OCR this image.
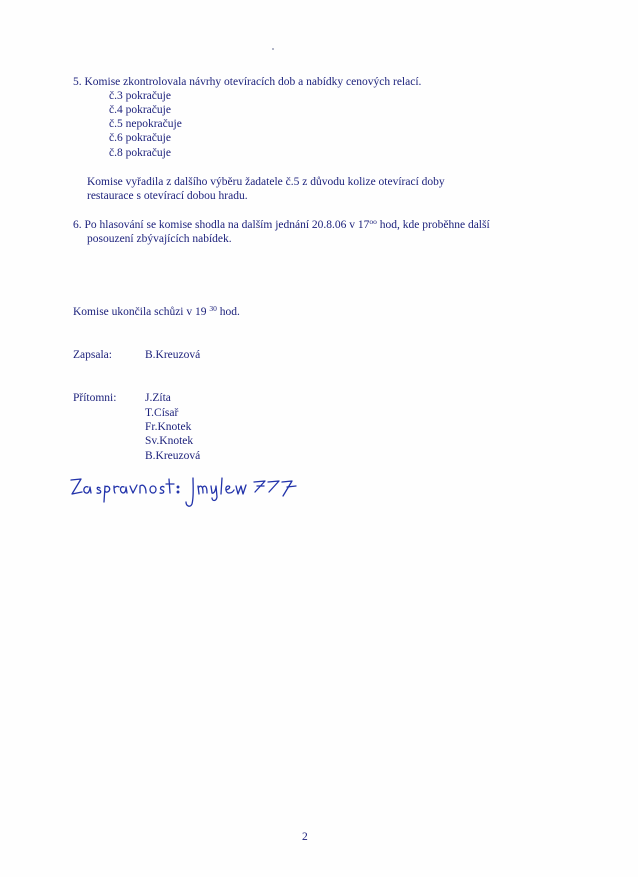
5. Komise zkontrolovala návrhy otevíracích dob a nabídky cenových relací.
č.3 pokračuje
č.4 pokračuje
č.5 nepokračuje
č.6 pokračuje
č.8 pokračuje
Komise vyřadila z dalšího výběru žadatele č.5 z důvodu kolize otevírací doby
restaurace s otevírací dobou hradu.
6. Po hlasování se komise shodla na dalším jednání 20.8.06 v $17^{oo}$ hod, kde proběhne další
posouzení zbývajících nabídek.
Komise ukončila schůzi v 19 $^{30}$ hod.
Zapsala:	B.Kreuzová
Přítomni: J.Zíta
T.Císař
Fr.Knotek
Sv.Knotek
B.Kreuzová
2
